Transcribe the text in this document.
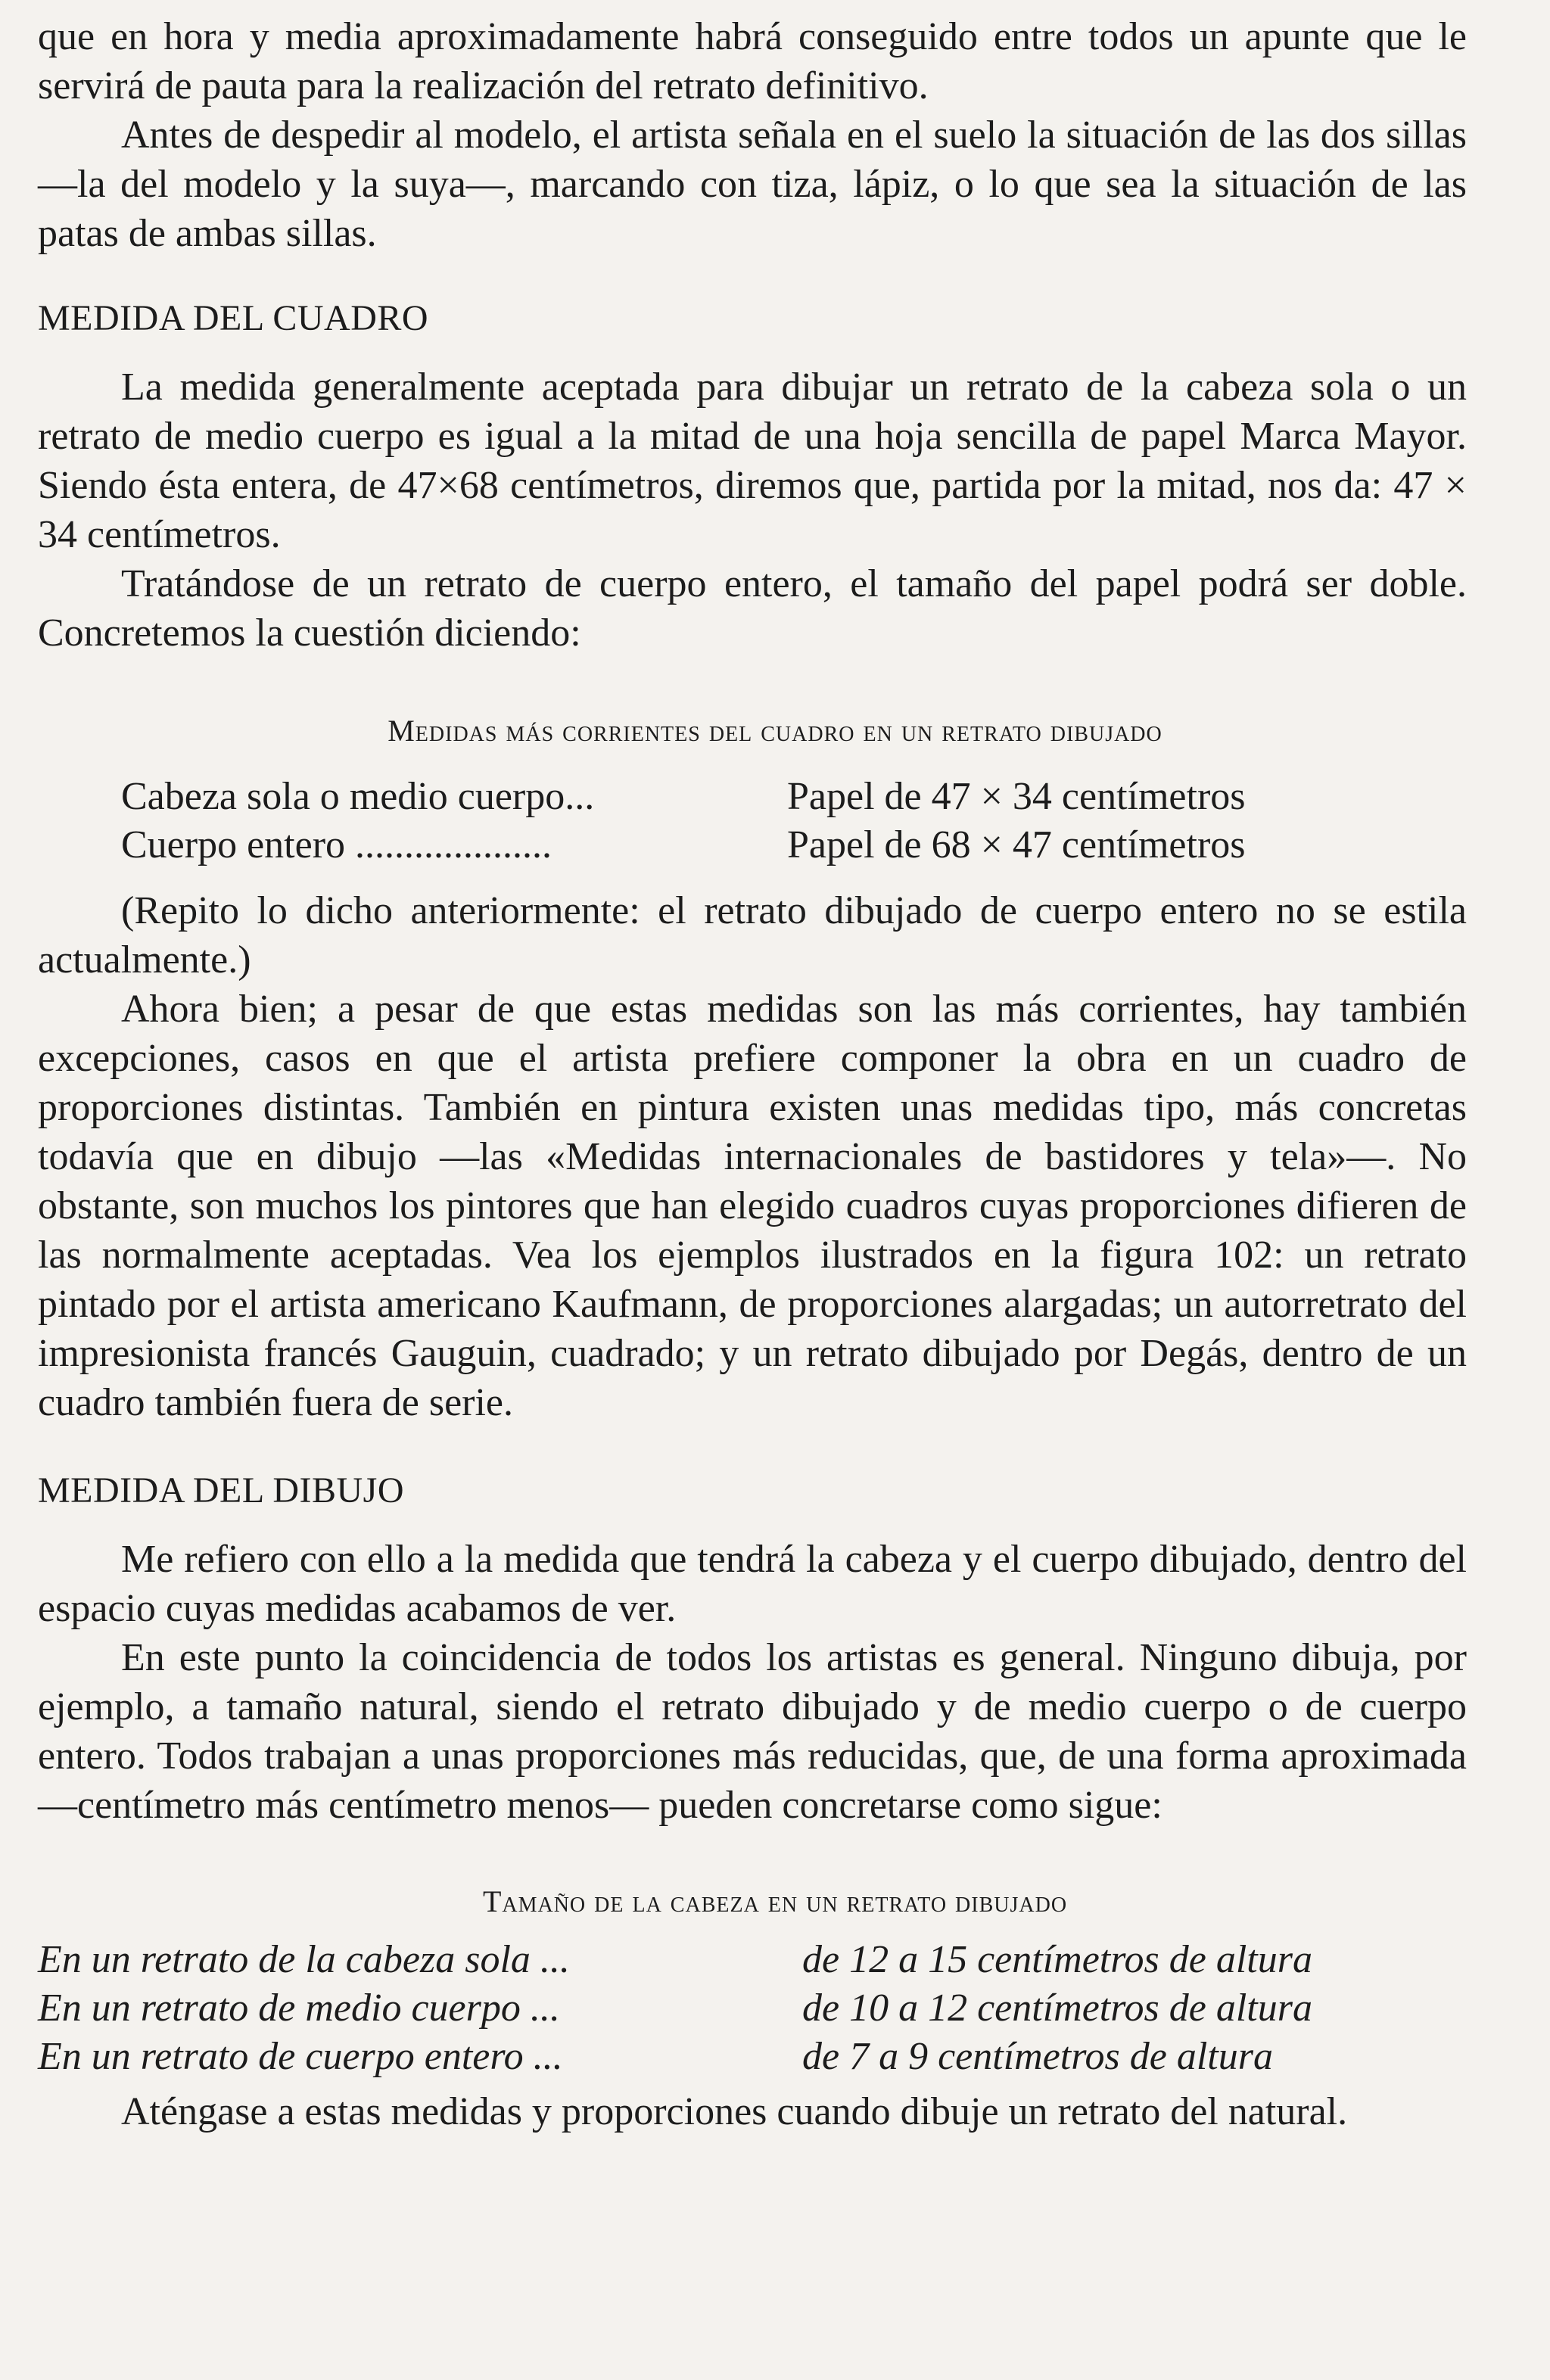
que en hora y media aproximadamente habrá conseguido entre todos un apunte que le servirá de pauta para la realización del retrato definitivo.

Antes de despedir al modelo, el artista señala en el suelo la situación de las dos sillas —la del modelo y la suya—, marcando con tiza, lápiz, o lo que sea la situación de las patas de ambas sillas.

MEDIDA DEL CUADRO

La medida generalmente aceptada para dibujar un retrato de la cabeza sola o un retrato de medio cuerpo es igual a la mitad de una hoja sencilla de papel Marca Mayor. Siendo ésta entera, de 47×68 centímetros, diremos que, partida por la mitad, nos da: 47 × 34 centímetros.

Tratándose de un retrato de cuerpo entero, el tamaño del papel podrá ser doble. Concretemos la cuestión diciendo:

Medidas más corrientes del cuadro en un retrato dibujado
Cabeza sola o medio cuerpo...	Papel de 47 × 34 centímetros
Cuerpo entero ....................	Papel de 68 × 47 centímetros

(Repito lo dicho anteriormente: el retrato dibujado de cuerpo entero no se estila actualmente.)

Ahora bien; a pesar de que estas medidas son las más corrientes, hay también excepciones, casos en que el artista prefiere componer la obra en un cuadro de proporciones distintas. También en pintura existen unas medidas tipo, más concretas todavía que en dibujo —las «Medidas internacionales de bastidores y tela»—. No obstante, son muchos los pintores que han elegido cuadros cuyas proporciones difieren de las normalmente aceptadas. Vea los ejemplos ilustrados en la figura 102: un retrato pintado por el artista americano Kaufmann, de proporciones alargadas; un autorretrato del impresionista francés Gauguin, cuadrado; y un retrato dibujado por Degás, dentro de un cuadro también fuera de serie.

MEDIDA DEL DIBUJO

Me refiero con ello a la medida que tendrá la cabeza y el cuerpo dibujado, dentro del espacio cuyas medidas acabamos de ver.

En este punto la coincidencia de todos los artistas es general. Ninguno dibuja, por ejemplo, a tamaño natural, siendo el retrato dibujado y de medio cuerpo o de cuerpo entero. Todos trabajan a unas proporciones más reducidas, que, de una forma aproximada —centímetro más centímetro menos— pueden concretarse como sigue:

Tamaño de la cabeza en un retrato dibujado
En un retrato de la cabeza sola ...	de 12 a 15 centímetros de altura
En un retrato de medio cuerpo ...	de 10 a 12 centímetros de altura
En un retrato de cuerpo entero ...	de 7 a 9 centímetros de altura

Aténgase a estas medidas y proporciones cuando dibuje un retrato del natural.
